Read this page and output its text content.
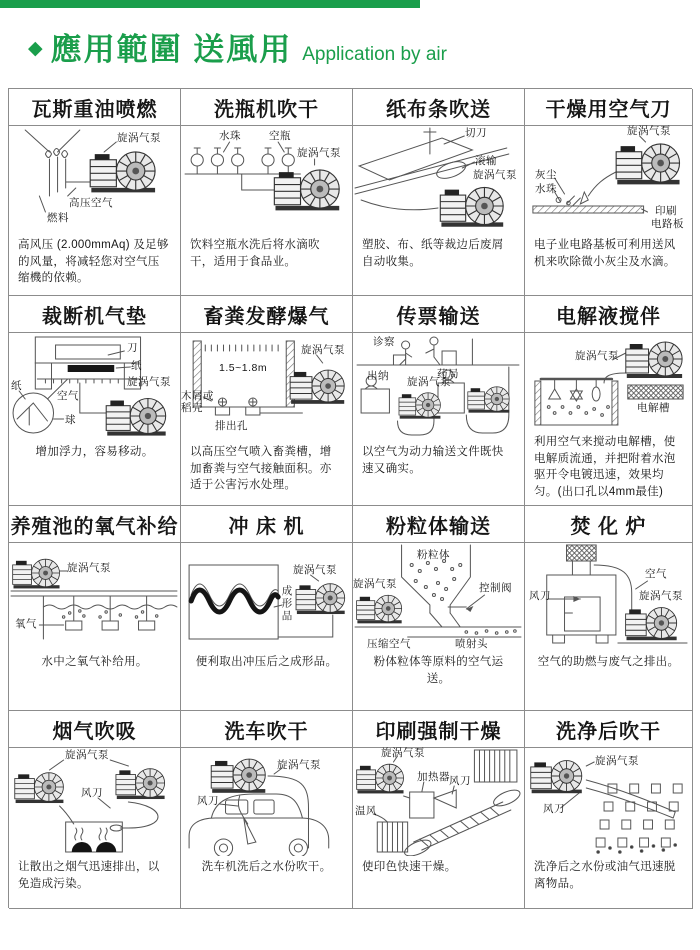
◆ 應用範圍 送風用 Application by air
瓦斯重油喷燃
旋涡气泵
高压空气
燃料
高风压 (2.000mmAq) 及足够的风量，将减轻您对空气压缩機的依赖。
洗瓶机吹干
水珠	空瓶
旋涡气泵
饮料空瓶水洗后将水滴吹干，适用于食品业。
纸布条吹送
切刀
滚输
旋涡气泵
塑胶、布、纸等裁边后废屑自动收集。
干燥用空气刀
旋涡气泵
灰尘
水珠
印刷
电路板
电子业电路基板可利用送风机来吹除微小灰尘及水滴。
裁断机气垫
刀
纸
旋涡气泵
纸
空气
球
增加浮力，容易移动。
畜粪发酵爆气
旋涡气泵
1.5~1.8m
木屑或
稻壳
排出孔
以高压空气喷入畜粪槽，增加畜粪与空气接触面积。亦适于公害污水处理。
传票输送
诊察
出纳	药局
旋涡气泵
以空气为动力输送文件既快速又确实。
电解液搅伴
旋涡气泵
电解槽
利用空气来搅动电解槽，使电解质流通，并把附着水泡驱开令电镀迅速，效果均匀。(出口孔以4mm最佳)
养殖池的氧气补给
旋涡气泵
氧气
水中之氧气补给用。
冲 床 机
旋涡气泵
成形品
便利取出冲压后之成形品。
粉粒体输送
粉粒体
旋涡气泵	控制阀
压缩空气	喷射头
粉体粒体等原料的空气运送。
焚 化 炉
空气
风刀	旋涡气泵
空气的助燃与废气之排出。
烟气吹吸
旋涡气泵
风刀
让散出之烟气迅速排出，以免造成污染。
洗车吹干
旋涡气泵
风刀
洗车机洗后之水份吹干。
印刷强制干燥
旋涡气泵
加热器 风刀
温风
使印色快速干燥。
洗净后吹干
旋涡气泵
风刀
洗净后之水份或油气迅速脱离物品。
